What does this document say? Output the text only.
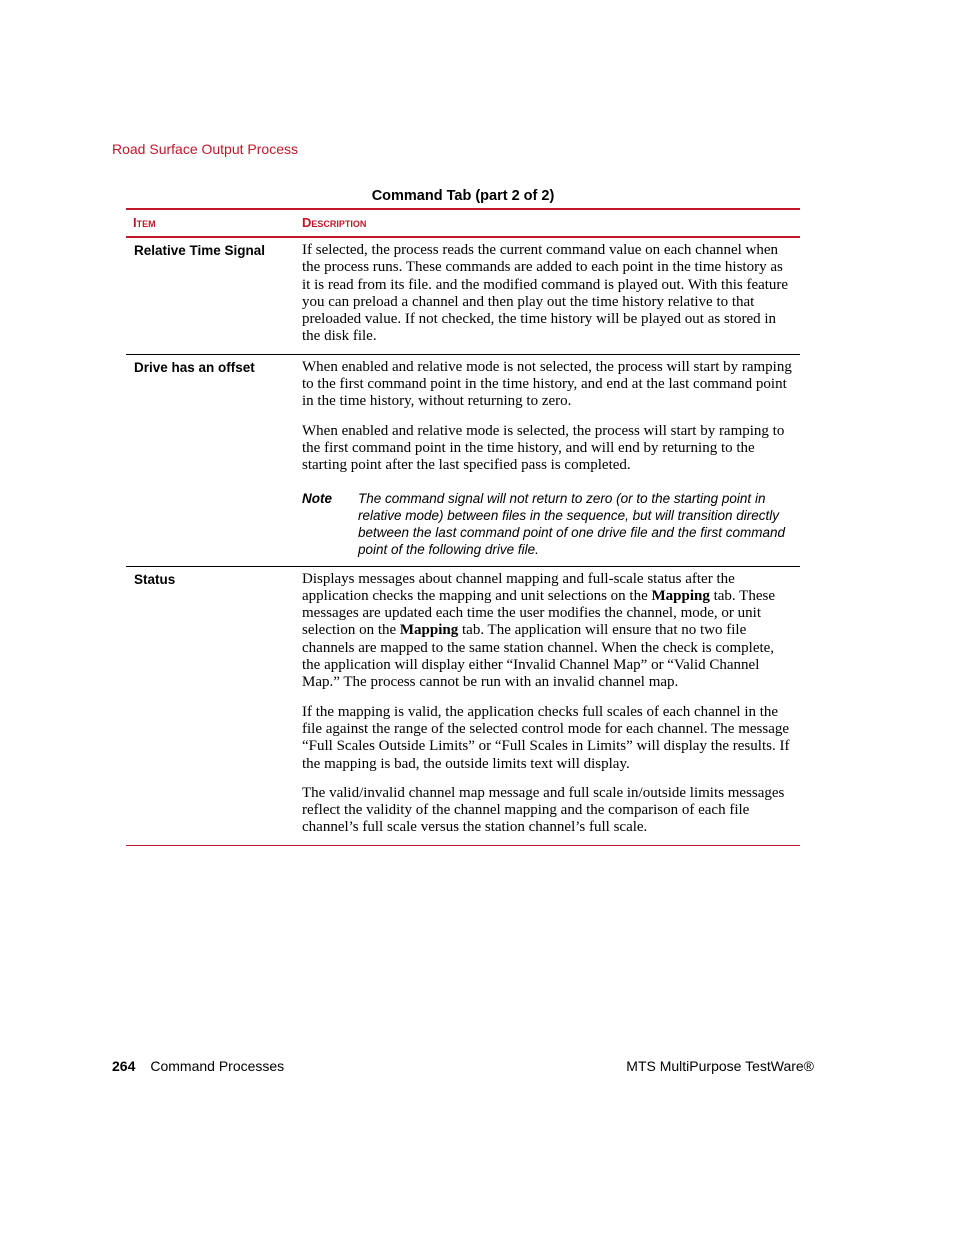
Road Surface Output Process
Command Tab (part 2 of 2)
Item	Description
Relative Time Signal	If selected, the process reads the current command value on each channel when the process runs. These commands are added to each point in the time history as it is read from its file. and the modified command is played out. With this feature you can preload a channel and then play out the time history relative to that preloaded value. If not checked, the time history will be played out as stored in the disk file.

Drive has an offset	When enabled and relative mode is not selected, the process will start by ramping to the first command point in the time history, and end at the last command point in the time history, without returning to zero.

When enabled and relative mode is selected, the process will start by ramping to the first command point in the time history, and will end by returning to the starting point after the last specified pass is completed.

Note The command signal will not return to zero (or to the starting point in relative mode) between files in the sequence, but will transition directly between the last command point of one drive file and the first command point of the following drive file.

Status	Displays messages about channel mapping and full-scale status after the application checks the mapping and unit selections on the Mapping tab. These messages are updated each time the user modifies the channel, mode, or unit selection on the Mapping tab. The application will ensure that no two file channels are mapped to the same station channel. When the check is complete, the application will display either “Invalid Channel Map” or “Valid Channel Map.” The process cannot be run with an invalid channel map.

If the mapping is valid, the application checks full scales of each channel in the file against the range of the selected control mode for each channel. The message “Full Scales Outside Limits” or “Full Scales in Limits” will display the results. If the mapping is bad, the outside limits text will display.

The valid/invalid channel map message and full scale in/outside limits messages reflect the validity of the channel mapping and the comparison of each file channel’s full scale versus the station channel’s full scale.

264 Command Processes	MTS MultiPurpose TestWare®
